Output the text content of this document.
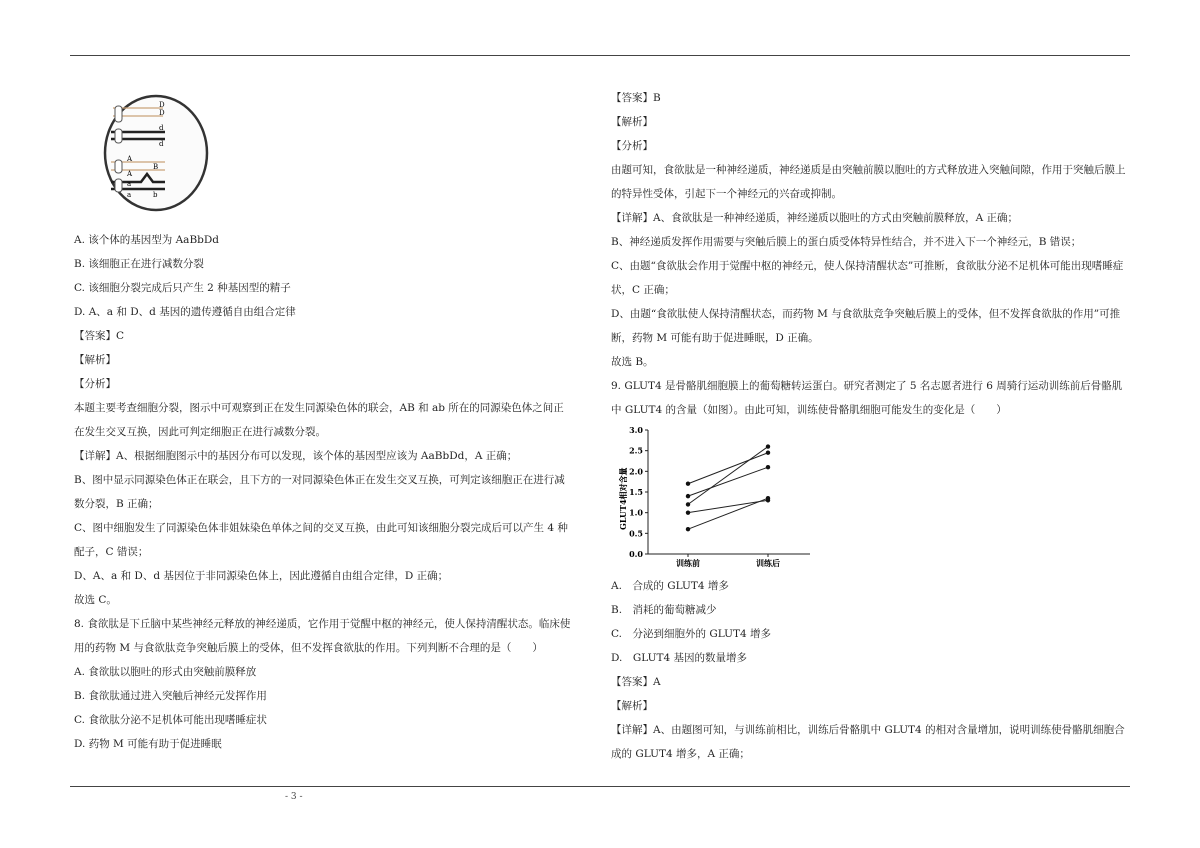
D
D
d
d
A
A
a
a
B
b

A. 该个体的基因型为 AaBbDd

B. 该细胞正在进行减数分裂

C. 该细胞分裂完成后只产生 2 种基因型的精子

D. A、a 和 D、d 基因的遗传遵循自由组合定律

【答案】C

【解析】

【分析】

本题主要考查细胞分裂，图示中可观察到正在发生同源染色体的联会，AB 和 ab 所在的同源染色体之间正在发生交叉互换，因此可判定细胞正在进行减数分裂。

【详解】A、根据细胞图示中的基因分布可以发现，该个体的基因型应该为 AaBbDd，A 正确；

B、图中显示同源染色体正在联会，且下方的一对同源染色体正在发生交叉互换，可判定该细胞正在进行减数分裂，B 正确；

C、图中细胞发生了同源染色体非姐妹染色单体之间的交叉互换，由此可知该细胞分裂完成后可以产生 4 种配子，C 错误；

D、A、a 和 D、d 基因位于非同源染色体上，因此遵循自由组合定律，D 正确；

故选 C。

8. 食欲肽是下丘脑中某些神经元释放的神经递质，它作用于觉醒中枢的神经元，使人保持清醒状态。临床使用的药物 M 与食欲肽竞争突触后膜上的受体，但不发挥食欲肽的作用。下列判断不合理的是（　　）

A. 食欲肽以胞吐的形式由突触前膜释放

B. 食欲肽通过进入突触后神经元发挥作用

C. 食欲肽分泌不足机体可能出现嗜睡症状

D. 药物 M 可能有助于促进睡眠

【答案】B

【解析】

【分析】

由题可知，食欲肽是一种神经递质，神经递质是由突触前膜以胞吐的方式释放进入突触间隙，作用于突触后膜上的特异性受体，引起下一个神经元的兴奋或抑制。

【详解】A、食欲肽是一种神经递质，神经递质以胞吐的方式由突触前膜释放，A 正确；

B、神经递质发挥作用需要与突触后膜上的蛋白质受体特异性结合，并不进入下一个神经元，B 错误；

C、由题“食欲肽会作用于觉醒中枢的神经元，使人保持清醒状态”可推断，食欲肽分泌不足机体可能出现嗜睡症状，C 正确；

D、由题“食欲肽使人保持清醒状态，而药物 M 与食欲肽竞争突触后膜上的受体，但不发挥食欲肽的作用”可推断，药物 M 可能有助于促进睡眠，D 正确。

故选 B。

9. GLUT4 是骨骼肌细胞膜上的葡萄糖转运蛋白。研究者测定了 5 名志愿者进行 6 周骑行运动训练前后骨骼肌中 GLUT4 的含量（如图）。由此可知，训练使骨骼肌细胞可能发生的变化是（　　）

GLUT4相对含量
0.0
0.5
1.0
1.5
2.0
2.5
3.0
训练前	训练后

A.　合成的 GLUT4 增多

B.　消耗的葡萄糖减少

C.　分泌到细胞外的 GLUT4 增多

D.　GLUT4 基因的数量增多

【答案】A

【解析】

【详解】A、由题图可知，与训练前相比，训练后骨骼肌中 GLUT4 的相对含量增加，说明训练使骨骼肌细胞合成的 GLUT4 增多，A 正确；

- 3 -
